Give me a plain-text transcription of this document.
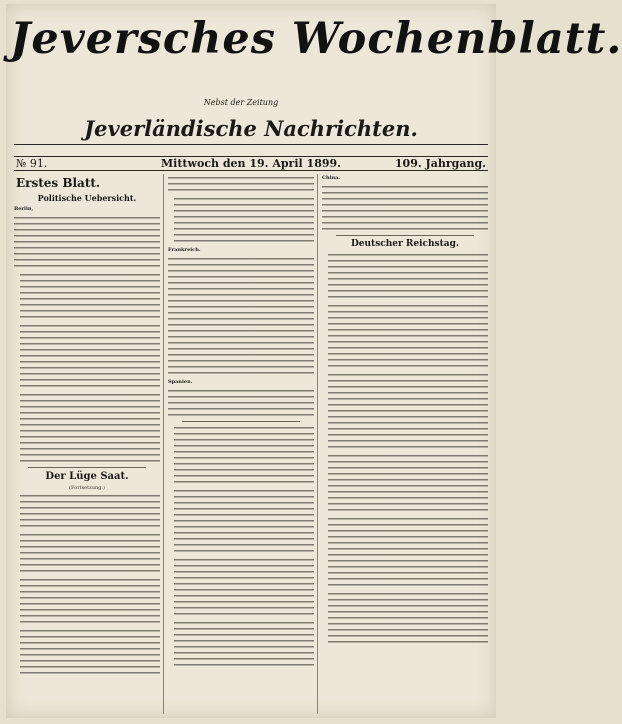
Jeversches Wochenblatt.
Nebst der Zeitung
Jeverländische Nachrichten.
№ 91.	Mittwoch den 19. April 1899.	109. Jahrgang.
Erstes Blatt.
Politische Uebersicht.
Berlin,
Der Lüge Saat.
(Fortsetzung.)
Frankreich.
Spanien.
China.
Deutscher Reichstag.
